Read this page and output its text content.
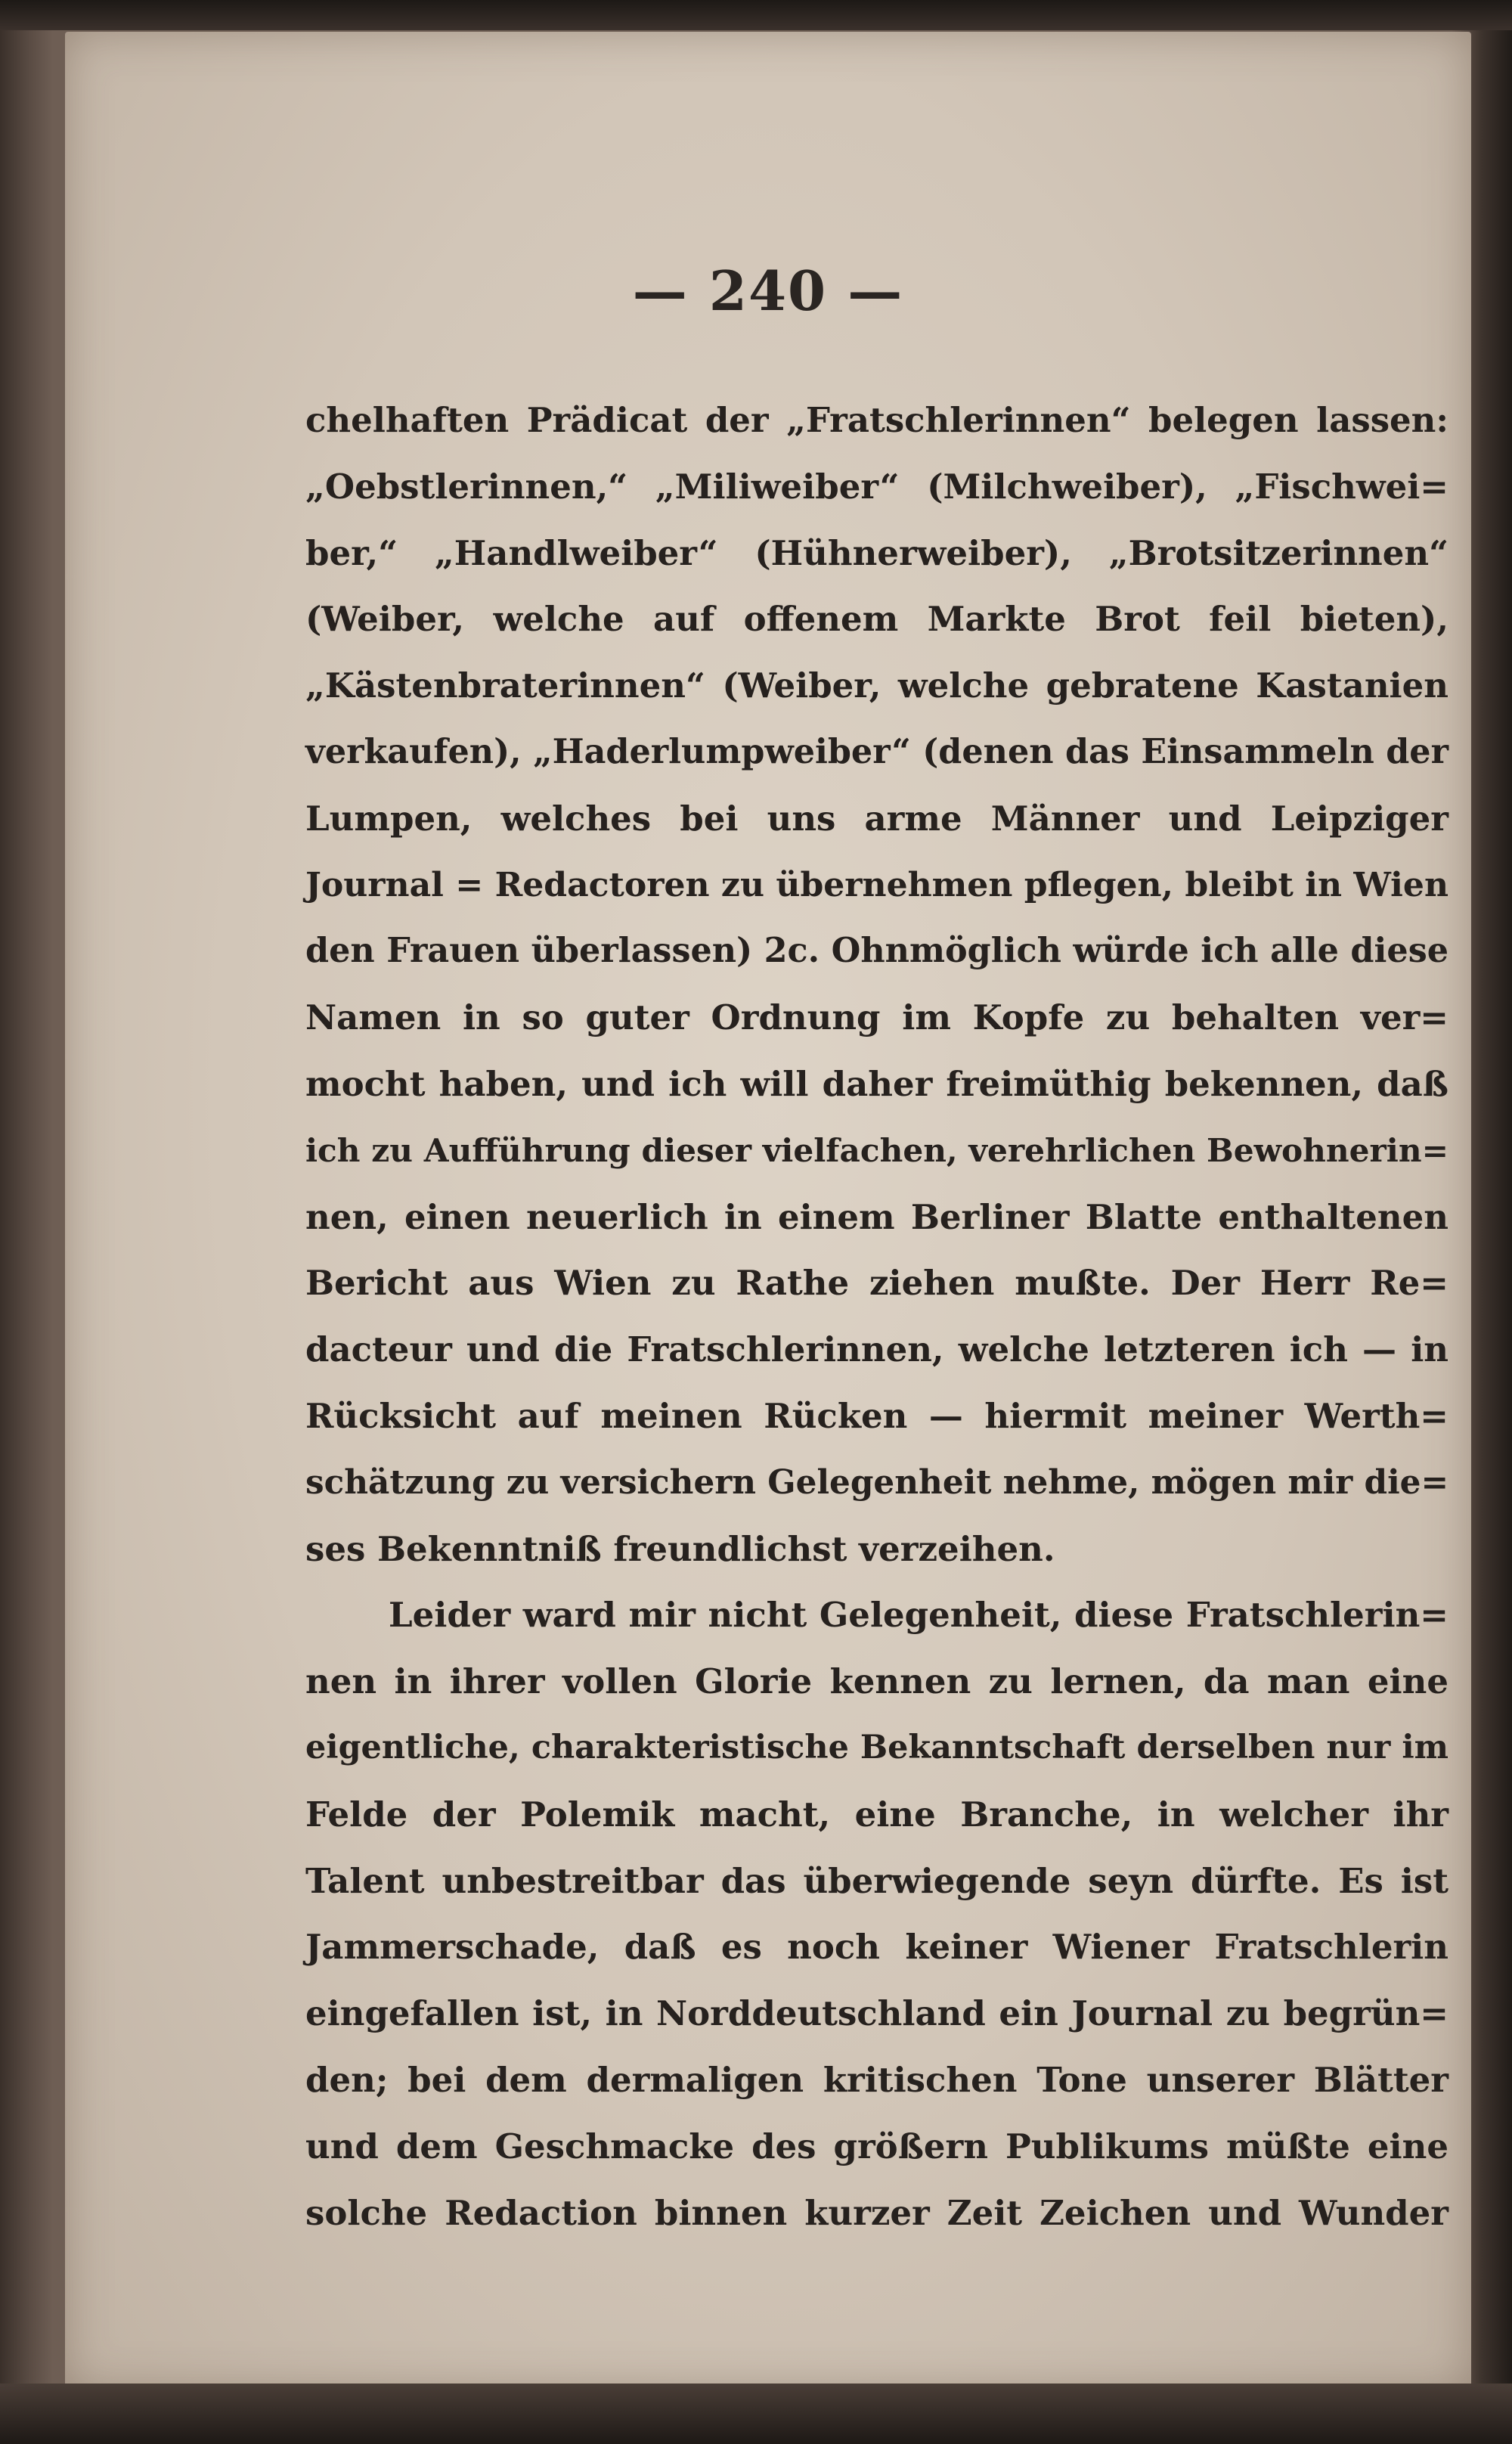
— 240 —
chelhaften Prädicat der „Fratschlerinnen“ belegen lassen:
„Oebstlerinnen,“ „Miliweiber“ (Milchweiber), „Fischwei=
ber,“ „Handlweiber“ (Hühnerweiber), „Brotsitzerinnen“
(Weiber, welche auf offenem Markte Brot feil bieten),
„Kästenbraterinnen“ (Weiber, welche gebratene Kastanien
verkaufen), „Haderlumpweiber“ (denen das Einsammeln der
Lumpen, welches bei uns arme Männer und Leipziger
Journal = Redactoren zu übernehmen pflegen, bleibt in Wien
den Frauen überlassen) 2c. Ohnmöglich würde ich alle diese
Namen in so guter Ordnung im Kopfe zu behalten ver=
mocht haben, und ich will daher freimüthig bekennen, daß
ich zu Aufführung dieser vielfachen, verehrlichen Bewohnerin=
nen, einen neuerlich in einem Berliner Blatte enthaltenen
Bericht aus Wien zu Rathe ziehen mußte. Der Herr Re=
dacteur und die Fratschlerinnen, welche letzteren ich — in
Rücksicht auf meinen Rücken — hiermit meiner Werth=
schätzung zu versichern Gelegenheit nehme, mögen mir die=
ses Bekenntniß freundlichst verzeihen.
Leider ward mir nicht Gelegenheit, diese Fratschlerin=
nen in ihrer vollen Glorie kennen zu lernen, da man eine
eigentliche, charakteristische Bekanntschaft derselben nur im
Felde der Polemik macht, eine Branche, in welcher ihr
Talent unbestreitbar das überwiegende seyn dürfte. Es ist
Jammerschade, daß es noch keiner Wiener Fratschlerin
eingefallen ist, in Norddeutschland ein Journal zu begrün=
den; bei dem dermaligen kritischen Tone unserer Blätter
und dem Geschmacke des größern Publikums müßte eine
solche Redaction binnen kurzer Zeit Zeichen und Wunder
